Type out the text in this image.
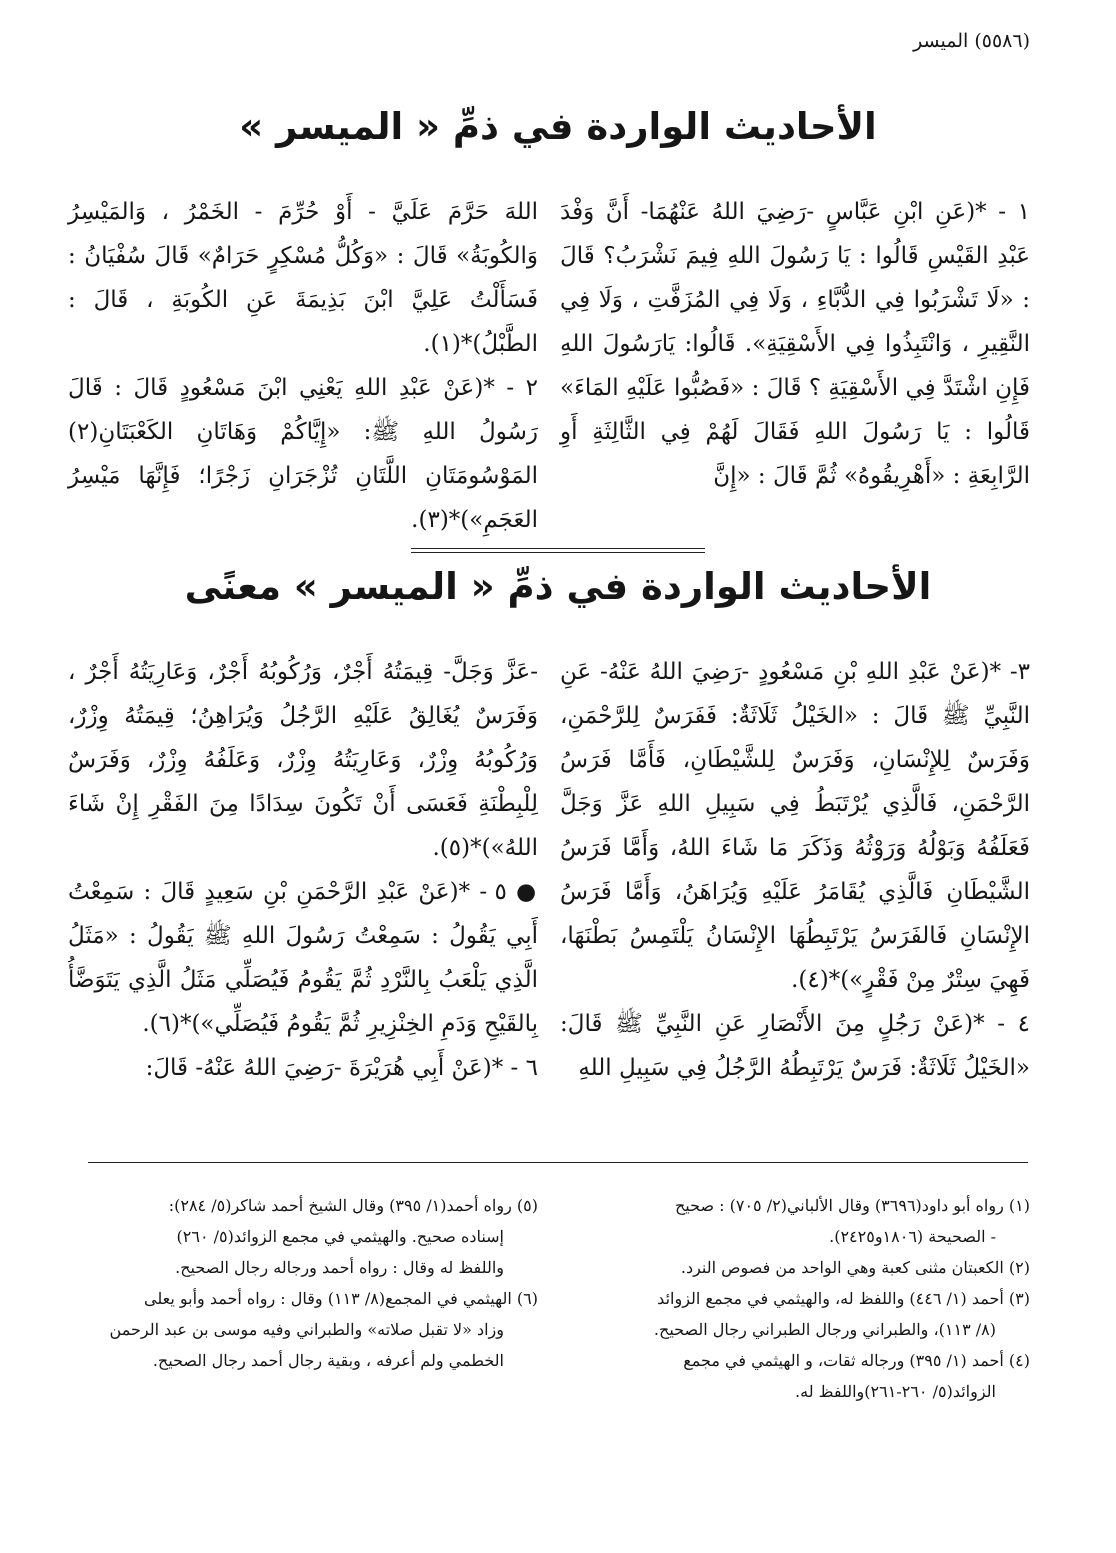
(٥٥٨٦) الميسر
الأحاديث الواردة في ذمِّ « الميسر »

١ - *(عَنِ ابْنِ عَبَّاسٍ -رَضِيَ اللهُ عَنْهُمَا- أَنَّ وَفْدَ عَبْدِ القَيْسِ قَالُوا : يَا رَسُولَ اللهِ فِيمَ نَشْرَبُ؟ قَالَ : «لَا تَشْرَبُوا فِي الدُّبَّاءِ ، وَلَا فِي المُزَفَّتِ ، وَلَا فِي النَّقِيرِ ، وَانْتَبِذُوا فِي الأَسْقِيَةِ». قَالُوا: يَارَسُولَ اللهِ فَإِنِ اشْتَدَّ فِي الأَسْقِيَةِ ؟ قَالَ : «فَصُبُّوا عَلَيْهِ المَاءَ» قَالُوا : يَا رَسُولَ اللهِ فَقَالَ لَهُمْ فِي الثَّالِثَةِ أَوِ الرَّابِعَةِ : «أَهْرِيقُوهُ» ثُمَّ قَالَ : «إِنَّ

اللهَ حَرَّمَ عَلَيَّ - أَوْ حُرِّمَ - الخَمْرُ ، وَالمَيْسِرُ وَالكُوبَةُ» قَالَ : «وَكُلُّ مُسْكِرٍ حَرَامٌ» قَالَ سُفْيَانُ : فَسَأَلْتُ عَلِيَّ ابْنَ بَذِيمَةَ عَنِ الكُوبَةِ ، قَالَ : الطَّبْلُ)*(١).

٢ - *(عَنْ عَبْدِ اللهِ يَعْنِي ابْنَ مَسْعُودٍ قَالَ : قَالَ رَسُولُ اللهِ ﷺ: «إِيَّاكُمْ وَهَاتَانِ الكَعْبَتَانِ(٢) المَوْسُومَتَانِ اللَّتَانِ تُزْجَرَانِ زَجْرًا؛ فَإِنَّهَا مَيْسِرُ العَجَمِ»)*(٣).

الأحاديث الواردة في ذمِّ « الميسر » معنًى

٣- *(عَنْ عَبْدِ اللهِ بْنِ مَسْعُودٍ -رَضِيَ اللهُ عَنْهُ- عَنِ النَّبِيِّ ﷺ قَالَ : «الخَيْلُ ثَلَاثَةٌ: فَفَرَسٌ لِلرَّحْمَنِ، وَفَرَسٌ لِلإِنْسَانِ، وَفَرَسٌ لِلشَّيْطَانِ، فَأَمَّا فَرَسُ الرَّحْمَنِ، فَالَّذِي يُرْتَبَطُ فِي سَبِيلِ اللهِ عَزَّ وَجَلَّ فَعَلَفُهُ وَبَوْلُهُ وَرَوْثُهُ وَذَكَرَ مَا شَاءَ اللهُ، وَأَمَّا فَرَسُ الشَّيْطَانِ فَالَّذِي يُقَامَرُ عَلَيْهِ وَيُرَاهَنُ، وَأَمَّا فَرَسُ الإِنْسَانِ فَالفَرَسُ يَرْتَبِطُهَا الإِنْسَانُ يَلْتَمِسُ بَطْنَهَا، فَهِيَ سِتْرٌ مِنْ فَقْرٍ»)*(٤).

٤ - *(عَنْ رَجُلٍ مِنَ الأَنْصَارِ عَنِ النَّبِيِّ ﷺ قَالَ: «الخَيْلُ ثَلَاثَةٌ: فَرَسٌ يَرْتَبِطُهُ الرَّجُلُ فِي سَبِيلِ اللهِ

-عَزَّ وَجَلَّ- قِيمَتُهُ أَجْرٌ، وَرُكُوبُهُ أَجْرٌ، وَعَارِيَتُهُ أَجْرٌ ، وَفَرَسٌ يُغَالِقُ عَلَيْهِ الرَّجُلُ وَيُرَاهِنُ؛ قِيمَتُهُ وِزْرٌ، وَرُكُوبُهُ وِزْرٌ، وَعَارِيَتُهُ وِزْرٌ، وَعَلَفُهُ وِزْرٌ، وَفَرَسٌ لِلْبِطْنَةِ فَعَسَى أَنْ تَكُونَ سِدَادًا مِنَ الفَقْرِ إِنْ شَاءَ اللهُ»)*(٥).

● ٥ - *(عَنْ عَبْدِ الرَّحْمَنِ بْنِ سَعِيدٍ قَالَ : سَمِعْتُ أَبِي يَقُولُ : سَمِعْتُ رَسُولَ اللهِ ﷺ يَقُولُ : «مَثَلُ الَّذِي يَلْعَبُ بِالنَّرْدِ ثُمَّ يَقُومُ فَيُصَلِّي مَثَلُ الَّذِي يَتَوَضَّأُ بِالقَيْحِ وَدَمِ الخِنْزِيرِ ثُمَّ يَقُومُ فَيُصَلِّي»)*(٦).

٦ - *(عَنْ أَبِي هُرَيْرَةَ -رَضِيَ اللهُ عَنْهُ- قَالَ:

(١) رواه أبو داود(٣٦٩٦) وقال الألباني(٢/ ٧٠٥) : صحيح

- الصحيحة (١٨٠٦و٢٤٢٥).

(٢) الكعبتان مثنى كعبة وهي الواحد من فصوص النرد.

(٣) أحمد (١/ ٤٤٦) واللفظ له، والهيثمي في مجمع الزوائد

(٨/ ١١٣)، والطبراني ورجال الطبراني رجال الصحيح.

(٤) أحمد (١/ ٣٩٥) ورجاله ثقات، و الهيثمي في مجمع

الزوائد(٥/ ٢٦٠-٢٦١)واللفظ له.

(٥) رواه أحمد(١/ ٣٩٥) وقال الشيخ أحمد شاكر(٥/ ٢٨٤):

إسناده صحيح. والهيثمي في مجمع الزوائد(٥/ ٢٦٠)

واللفظ له وقال : رواه أحمد ورجاله رجال الصحيح.

(٦) الهيثمي في المجمع(٨/ ١١٣) وقال : رواه أحمد وأبو يعلى

وزاد «لا تقبل صلاته» والطبراني وفيه موسى بن عبد الرحمن

الخطمي ولم أعرفه ، وبقية رجال أحمد رجال الصحيح.
